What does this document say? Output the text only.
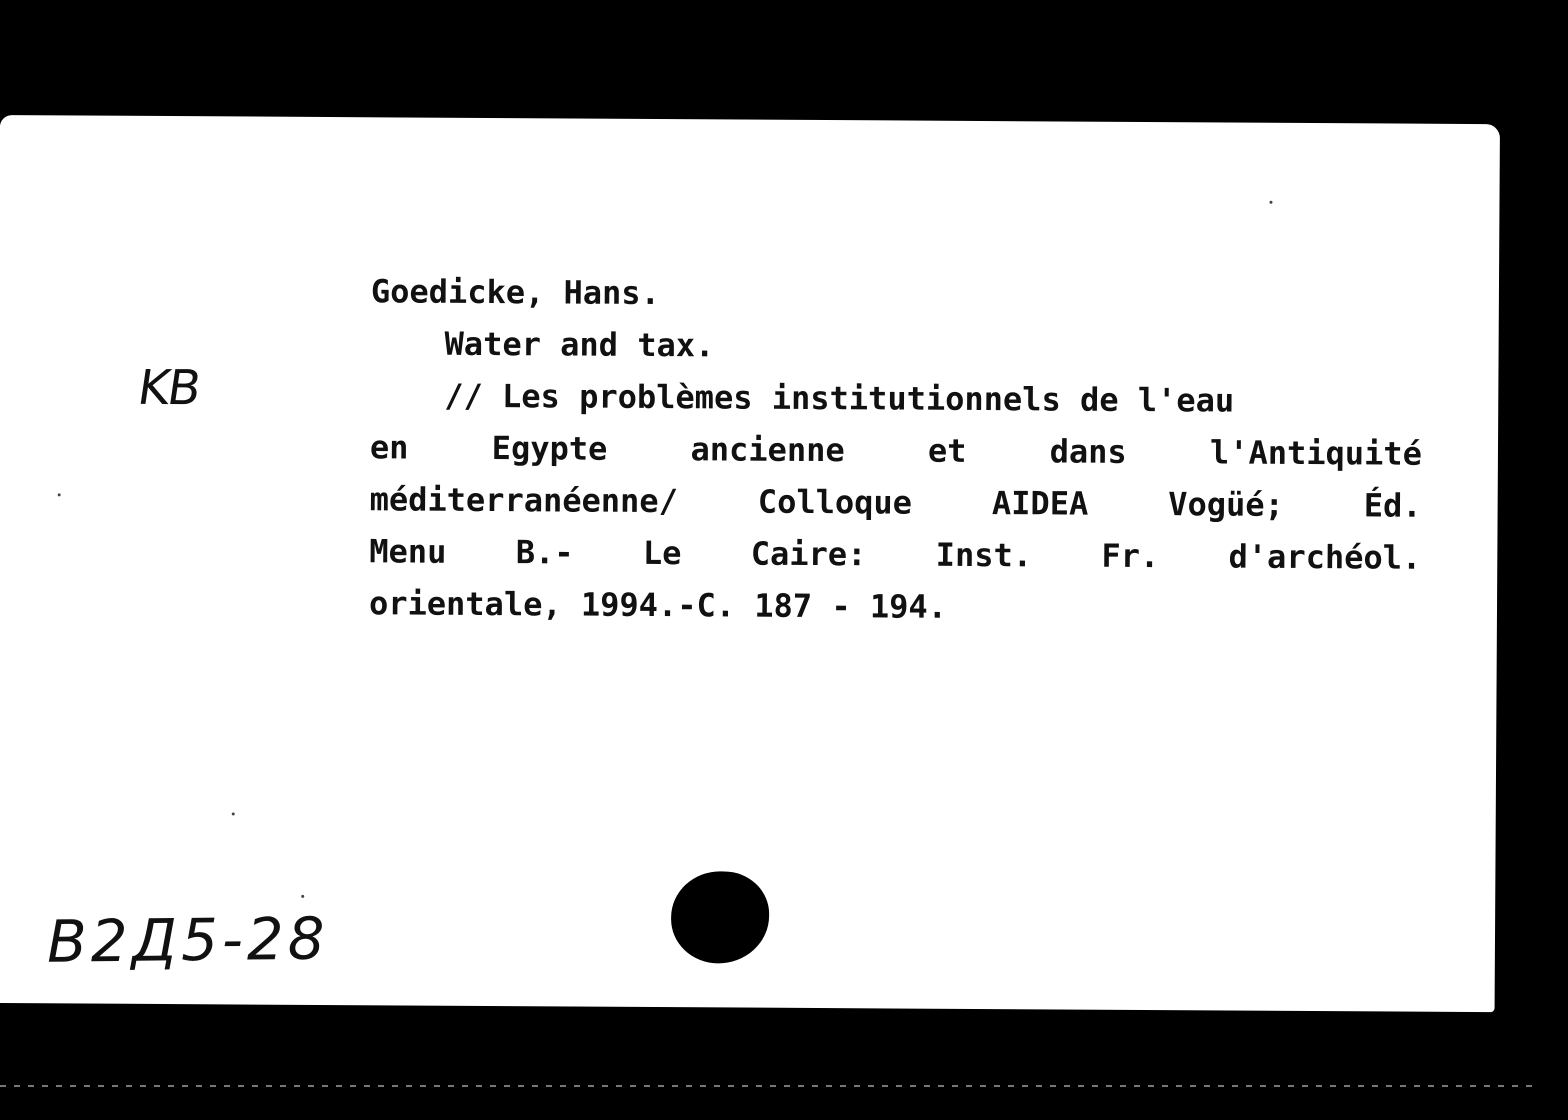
KB
Goedicke, Hans.
Water and tax.
// Les problèmes institutionnels de l'eau
en	Egypte	ancienne	et	dans	l'Antiquité
méditerranéenne/ Colloque AIDEA Vogüé; Éd.
Menu B.- Le Caire: Inst. Fr. d'archéol.
orientale, 1994.-C. 187 - 194.
B2Д5-28
